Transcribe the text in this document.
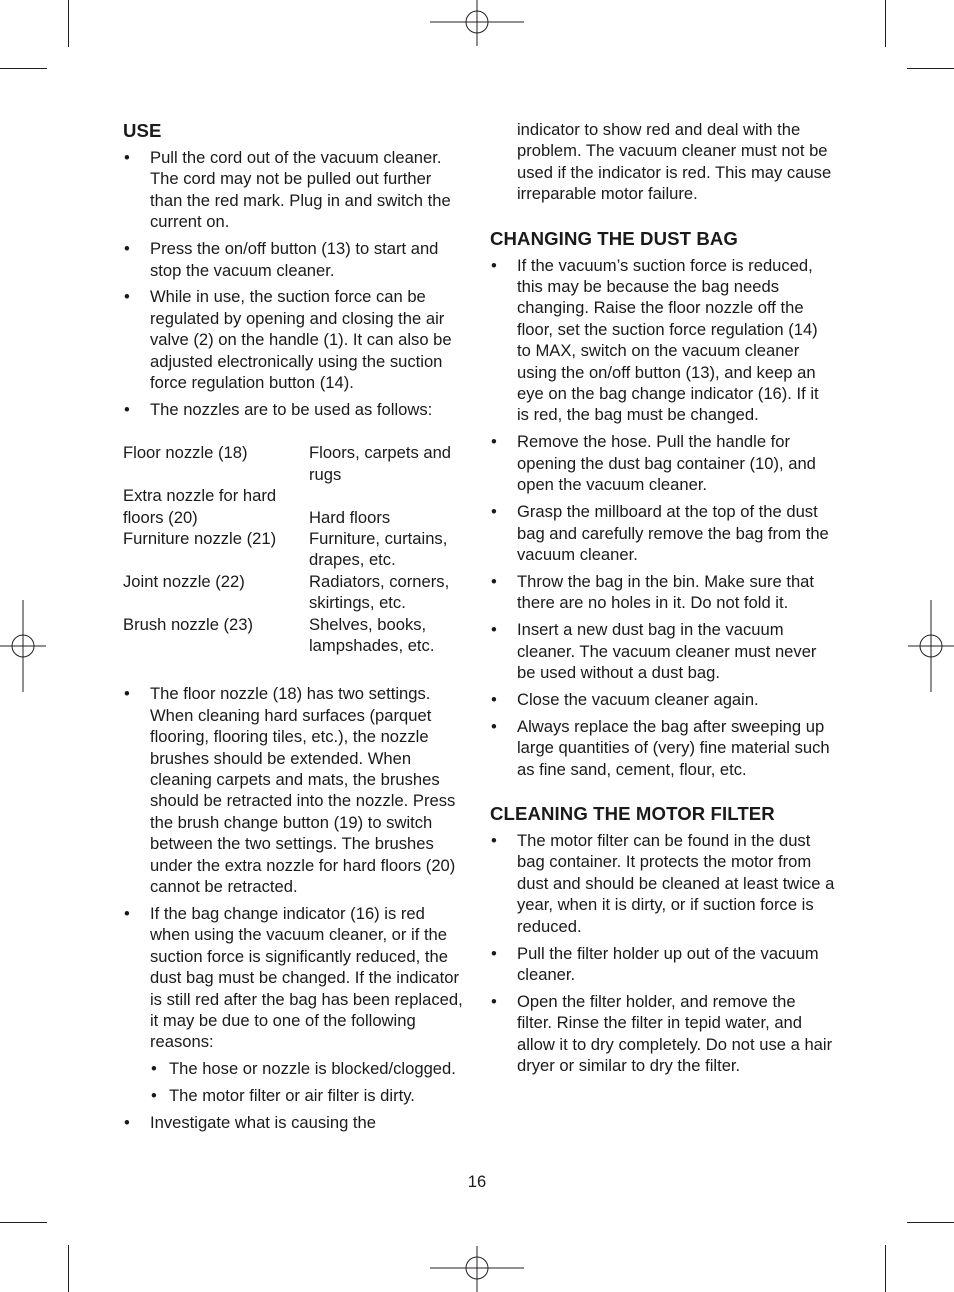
USE
• Pull the cord out of the vacuum cleaner. The cord may not be pulled out further than the red mark. Plug in and switch the current on.
• Press the on/off button (13) to start and stop the vacuum cleaner.
• While in use, the suction force can be regulated by opening and closing the air valve (2) on the handle (1). It can also be adjusted electronically using the suction force regulation button (14).
• The nozzles are to be used as follows:
Floor nozzle (18)	Floors, carpets and rugs
Extra nozzle for hard floors (20)	Hard floors
Furniture nozzle (21)	Furniture, curtains, drapes, etc.
Joint nozzle (22)	Radiators, corners, skirtings, etc.
Brush nozzle (23)	Shelves, books, lampshades, etc.
• The floor nozzle (18) has two settings. When cleaning hard surfaces (parquet flooring, flooring tiles, etc.), the nozzle brushes should be extended. When cleaning carpets and mats, the brushes should be retracted into the nozzle. Press the brush change button (19) to switch between the two settings. The brushes under the extra nozzle for hard floors (20) cannot be retracted.
• If the bag change indicator (16) is red when using the vacuum cleaner, or if the suction force is significantly reduced, the dust bag must be changed. If the indicator is still red after the bag has been replaced, it may be due to one of the following reasons:
• The hose or nozzle is blocked/clogged.
• The motor filter or air filter is dirty.
• Investigate what is causing the

indicator to show red and deal with the problem. The vacuum cleaner must not be used if the indicator is red. This may cause irreparable motor failure.

CHANGING THE DUST BAG
• If the vacuum’s suction force is reduced, this may be because the bag needs changing. Raise the floor nozzle off the floor, set the suction force regulation (14) to MAX, switch on the vacuum cleaner using the on/off button (13), and keep an eye on the bag change indicator (16). If it is red, the bag must be changed.
• Remove the hose. Pull the handle for opening the dust bag container (10), and open the vacuum cleaner.
• Grasp the millboard at the top of the dust bag and carefully remove the bag from the vacuum cleaner.
• Throw the bag in the bin. Make sure that there are no holes in it. Do not fold it.
• Insert a new dust bag in the vacuum cleaner. The vacuum cleaner must never be used without a dust bag.
• Close the vacuum cleaner again.
• Always replace the bag after sweeping up large quantities of (very) fine material such as fine sand, cement, flour, etc.
CLEANING THE MOTOR FILTER
• The motor filter can be found in the dust bag container. It protects the motor from dust and should be cleaned at least twice a year, when it is dirty, or if suction force is reduced.
• Pull the filter holder up out of the vacuum cleaner.
• Open the filter holder, and remove the filter. Rinse the filter in tepid water, and allow it to dry completely. Do not use a hair dryer or similar to dry the filter.
16
